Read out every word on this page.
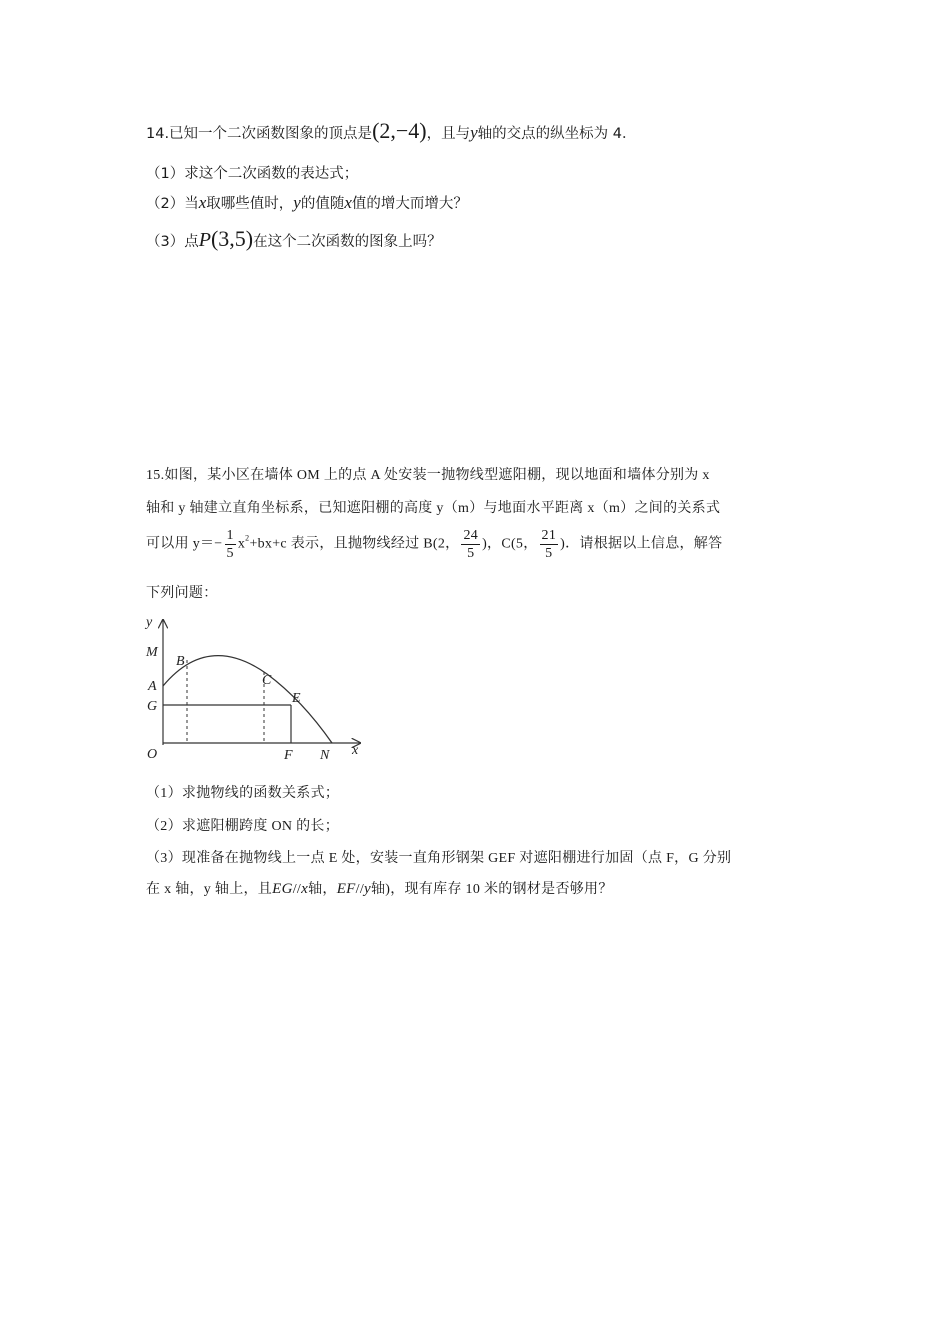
14.已知一个二次函数图象的顶点是(2,−4)，且与y轴的交点的纵坐标为 4．
（1）求这个二次函数的表达式；
（2）当x取哪些值时，y的值随x值的增大而增大？
（3）点P(3,5)在这个二次函数的图象上吗？
15.如图，某小区在墙体 OM 上的点 A 处安装一抛物线型遮阳棚，现以地面和墙体分别为 x
轴和 y 轴建立直角坐标系，已知遮阳棚的高度 y（m）与地面水平距离 x（m）之间的关系式
可以用 $y=- \frac{1}{5} x^2+bx+c$ 表示，且抛物线经过 B(2， $\frac{24}{5}$ )，C(5， $\frac{21}{5}$ )．请根据以上信息，解答
下列问题：
y
M
B
C
E
A
G
O	F N x
（1）求抛物线的函数关系式；
（2）求遮阳棚跨度 ON 的长；
（3）现准备在抛物线上一点 E 处，安装一直角形钢架 GEF 对遮阳棚进行加固（点 F，G 分别
在 x 轴，y 轴上，且EG//x轴，EF//y轴)，现有库存 10 米的钢材是否够用？
